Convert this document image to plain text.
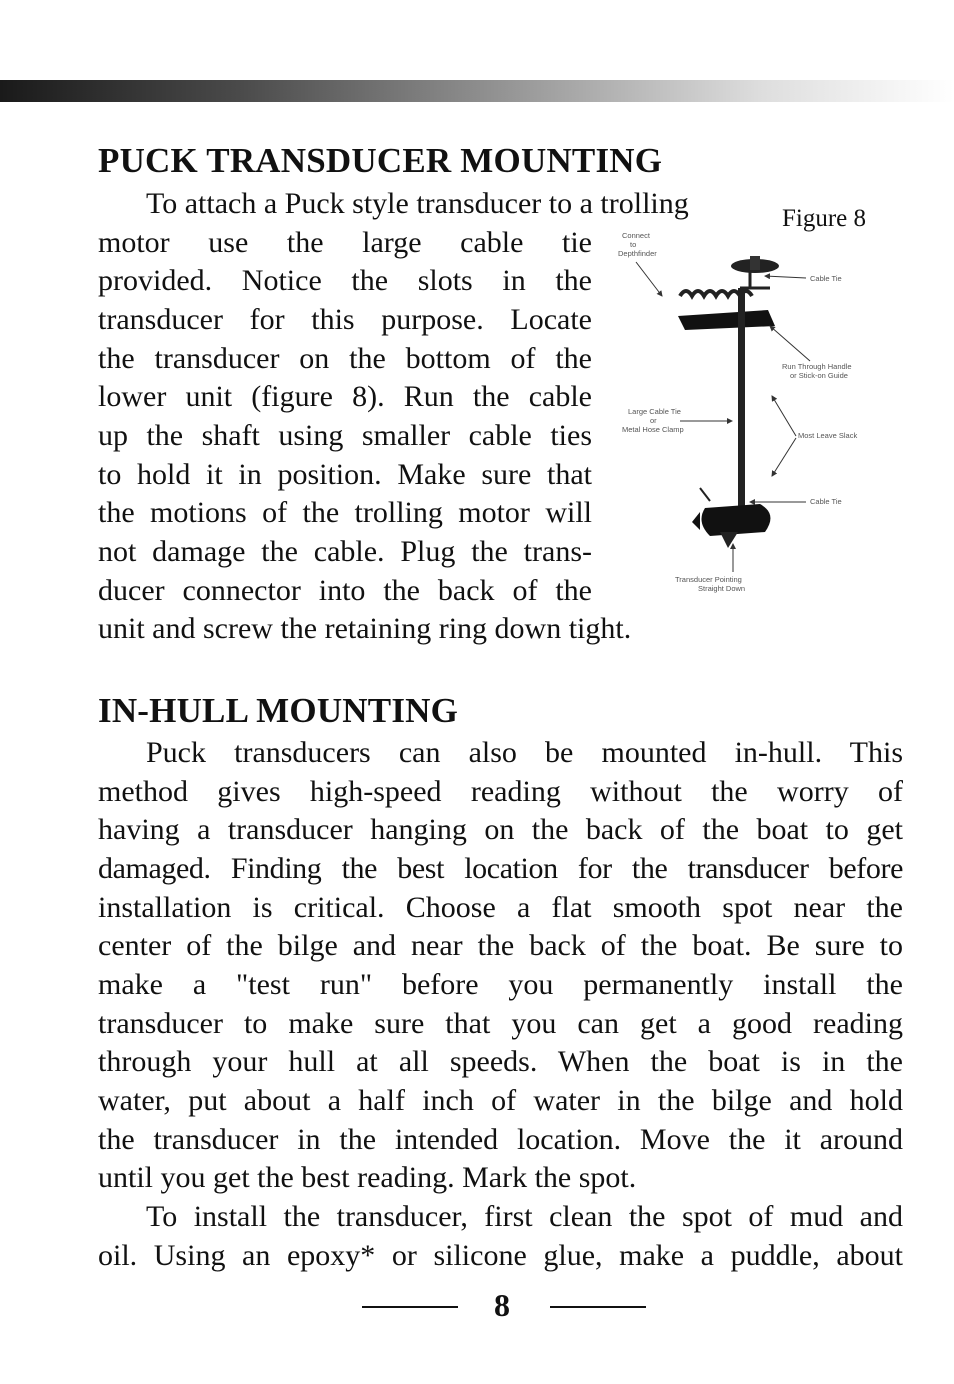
PUCK TRANSDUCER MOUNTING
To attach a Puck style transducer to a trolling
motor use the large cable tie
provided. Notice the slots in the
transducer for this purpose. Locate
the transducer on the bottom of the
lower unit (figure 8). Run the cable
up the shaft using smaller cable ties
to hold it in position. Make sure that
the motions of the trolling motor will
not damage the cable. Plug the trans-
ducer connector into the back of the
unit and screw the retaining ring down tight.
Figure 8
Connect
to
Depthfinder
Cable Tie
Run Through Handle
or Stick-on Guide
Large Cable Tie
or
Metal Hose Clamp
Most Leave Slack
Cable Tie
Transducer Pointing
Straight Down
IN-HULL MOUNTING
Puck transducers can also be mounted in-hull. This
method gives high-speed reading without the worry of
having a transducer hanging on the back of the boat to get
damaged. Finding the best location for the transducer before
installation is critical. Choose a flat smooth spot near the
center of the bilge and near the back of the boat. Be sure to
make a "test run" before you permanently install the
transducer to make sure that you can get a good reading
through your hull at all speeds. When the boat is in the
water, put about a half inch of water in the bilge and hold
the transducer in the intended location. Move the it around
until you get the best reading. Mark the spot.
To install the transducer, first clean the spot of mud and
oil. Using an epoxy* or silicone glue, make a puddle, about
8
